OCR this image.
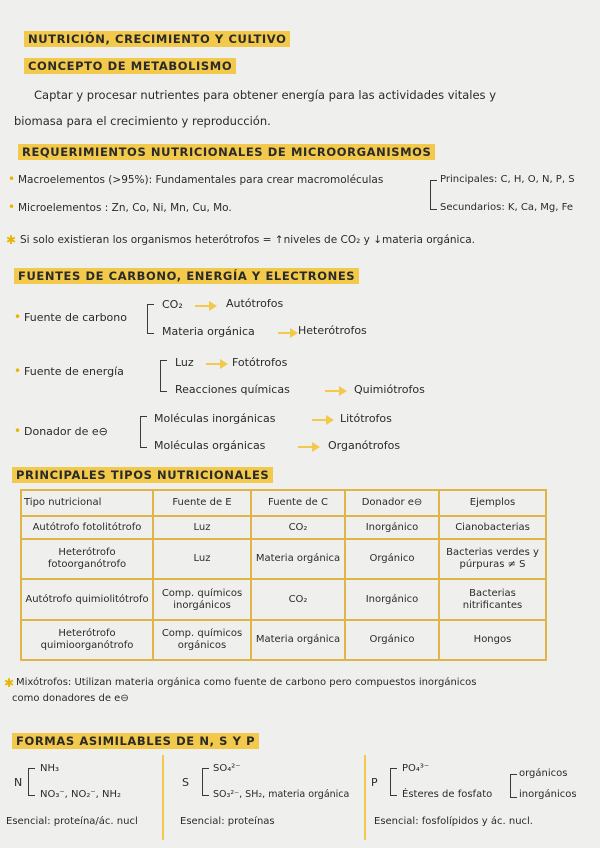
NUTRICIÓN, CRECIMIENTO Y CULTIVO
CONCEPTO DE METABOLISMO
Captar y procesar nutrientes para obtener energía para las actividades vitales y
biomasa para el crecimiento y reproducción.
REQUERIMIENTOS NUTRICIONALES DE MICROORGANISMOS
• Macroelementos (>95%): Fundamentales para crear macromoléculas
• Microelementos : Zn, Co, Ni, Mn, Cu, Mo.
Principales: C, H, O, N, P, S
Secundarios: K, Ca, Mg, Fe
✱ Si solo existieran los organismos heterótrofos = ↑niveles de CO₂ y ↓materia orgánica.
FUENTES DE CARBONO, ENERGÍA Y ELECTRONES
• Fuente de carbono
CO₂	Autótrofos
Materia orgánica	Heterótrofos
• Fuente de energía
Luz	Fotótrofos
Reacciones químicas	Quimiótrofos
• Donador de e⊖
Moléculas inorgánicas	Litótrofos
Moléculas orgánicas	Organótrofos
PRINCIPALES TIPOS NUTRICIONALES
Tipo nutricional	Fuente de E	Fuente de C	Donador e⊖	Ejemplos
Autótrofo fotolitótrofo	Luz	CO₂	Inorgánico	Cianobacterias
Heterótrofo fotoorganótrofo	Luz	Materia orgánica	Orgánico	Bacterias verdes y púrpuras ≠ S
Autótrofo quimiolitótrofo	Comp. químicos inorgánicos	CO₂	Inorgánico	Bacterias nitrificantes
Heterótrofo quimioorganótrofo	Comp. químicos orgánicos	Materia orgánica	Orgánico	Hongos
✱ Mixótrofos: Utilizan materia orgánica como fuente de carbono pero compuestos inorgánicos
como donadores de e⊖
FORMAS ASIMILABLES DE N, S Y P
N
NH₃
NO₃⁻, NO₂⁻, NH₂
Esencial: proteína/ác. nucl
S
SO₄²⁻
SO₃²⁻, SH₂, materia orgánica
Esencial: proteínas
P
PO₄³⁻
Ésteres de fosfato
orgánicos
inorgánicos
Esencial: fosfolípidos y ác. nucl.
